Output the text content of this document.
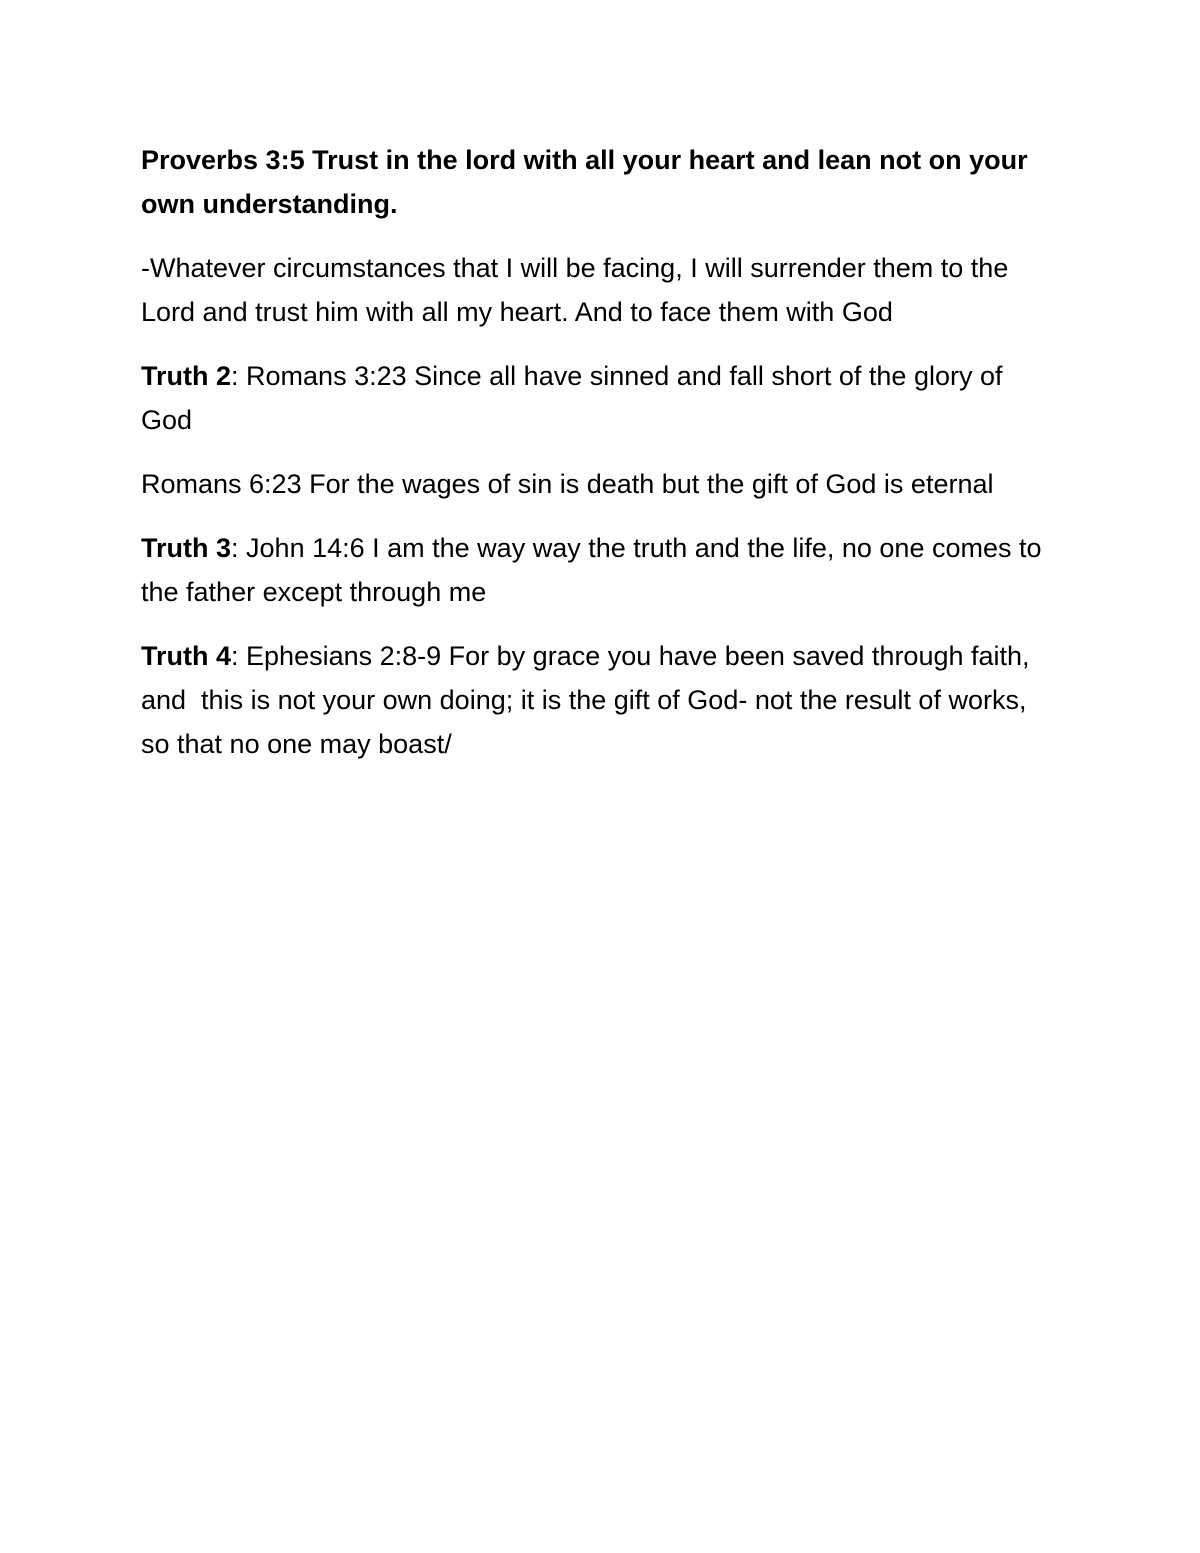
Proverbs 3:5 Trust in the lord with all your heart and lean not on your own understanding.

-Whatever circumstances that I will be facing, I will surrender them to the Lord and trust him with all my heart. And to face them with God

Truth 2: Romans 3:23 Since all have sinned and fall short of the glory of God

Romans 6:23 For the wages of sin is death but the gift of God is eternal

Truth 3: John 14:6 I am the way way the truth and the life, no one comes to the father except through me

Truth 4: Ephesians 2:8-9 For by grace you have been saved through faith, and  this is not your own doing; it is the gift of God- not the result of works, so that no one may boast/
